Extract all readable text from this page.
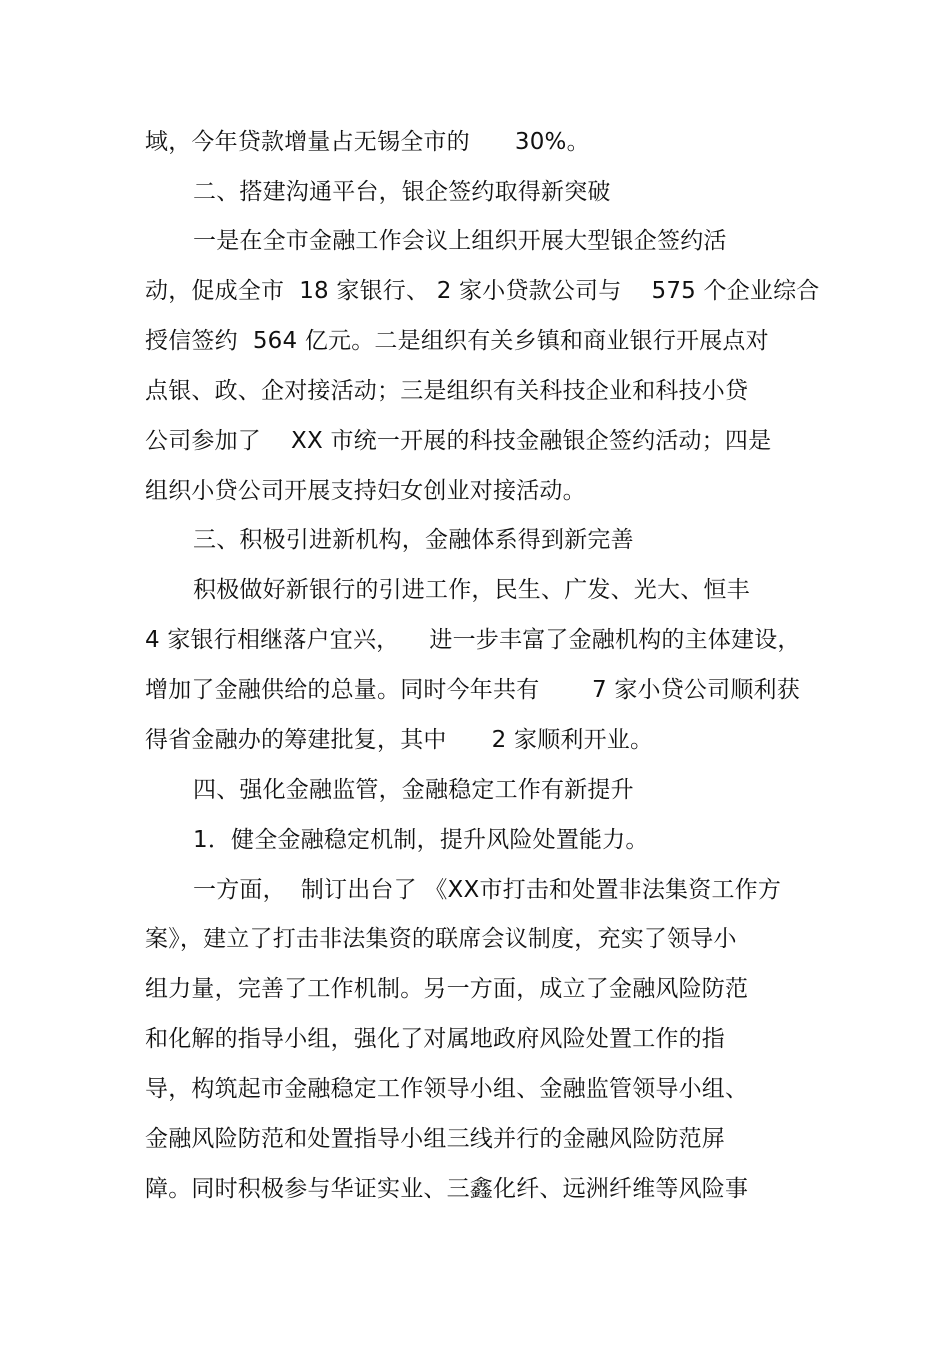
域，今年贷款增量占无锡全市的      30%。
二、搭建沟通平台，银企签约取得新突破
一是在全市金融工作会议上组织开展大型银企签约活
动，促成全市  18 家银行、 2 家小贷款公司与    575 个企业综合
授信签约  564 亿元。二是组织有关乡镇和商业银行开展点对
点银、政、企对接活动；三是组织有关科技企业和科技小贷
公司参加了    XX 市统一开展的科技金融银企签约活动；四是
组织小贷公司开展支持妇女创业对接活动。
三、积极引进新机构，金融体系得到新完善
积极做好新银行的引进工作，民生、广发、光大、恒丰
4 家银行相继落户宜兴，    进一步丰富了金融机构的主体建设，
增加了金融供给的总量。同时今年共有       7 家小贷公司顺利获
得省金融办的筹建批复，其中      2 家顺利开业。
四、强化金融监管，金融稳定工作有新提升
1．健全金融稳定机制，提升风险处置能力。
一方面，  制订出台了 《XX市打击和处置非法集资工作方
案》，建立了打击非法集资的联席会议制度，充实了领导小
组力量，完善了工作机制。另一方面，成立了金融风险防范
和化解的指导小组，强化了对属地政府风险处置工作的指
导，构筑起市金融稳定工作领导小组、金融监管领导小组、
金融风险防范和处置指导小组三线并行的金融风险防范屏
障。同时积极参与华证实业、三鑫化纤、远洲纤维等风险事
